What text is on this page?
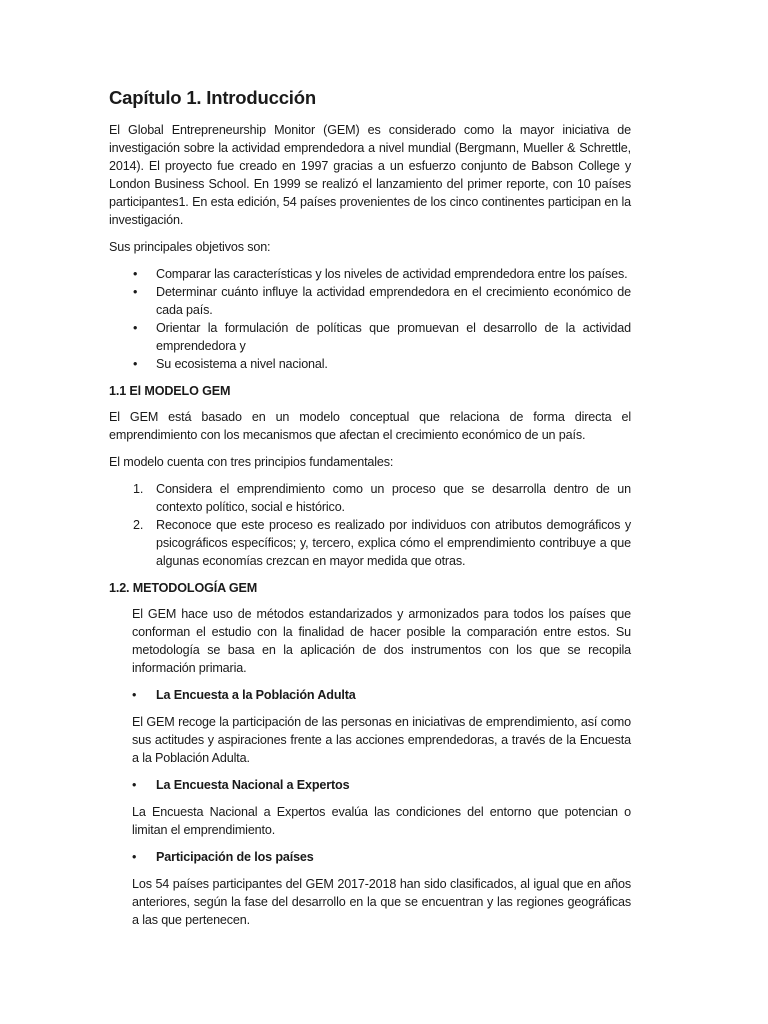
Capítulo 1. Introducción

El Global Entrepreneurship Monitor (GEM) es considerado como la mayor iniciativa de investigación sobre la actividad emprendedora a nivel mundial (Bergmann, Mueller & Schrettle, 2014). El proyecto fue creado en 1997 gracias a un esfuerzo conjunto de Babson College y London Business School. En 1999 se realizó el lanzamiento del primer reporte, con 10 países participantes1. En esta edición, 54 países provenientes de los cinco continentes participan en la investigación.

Sus principales objetivos son:

• Comparar las características y los niveles de actividad emprendedora entre los países.
• Determinar cuánto influye la actividad emprendedora en el crecimiento económico de cada país.
• Orientar la formulación de políticas que promuevan el desarrollo de la actividad emprendedora y
• Su ecosistema a nivel nacional.
1.1 El MODELO GEM

El GEM está basado en un modelo conceptual que relaciona de forma directa el emprendimiento con los mecanismos que afectan el crecimiento económico de un país.

El modelo cuenta con tres principios fundamentales:

1. Considera el emprendimiento como un proceso que se desarrolla dentro de un contexto político, social e histórico.
2. Reconoce que este proceso es realizado por individuos con atributos demográficos y psicográficos específicos; y, tercero, explica cómo el emprendimiento contribuye a que algunas economías crezcan en mayor medida que otras.
1.2. METODOLOGÍA GEM

El GEM hace uso de métodos estandarizados y armonizados para todos los países que conforman el estudio con la finalidad de hacer posible la comparación entre estos. Su metodología se basa en la aplicación de dos instrumentos con los que se recopila información primaria.

• La Encuesta a la Población Adulta

El GEM recoge la participación de las personas en iniciativas de emprendimiento, así como sus actitudes y aspiraciones frente a las acciones emprendedoras, a través de la Encuesta a la Población Adulta.

• La Encuesta Nacional a Expertos

La Encuesta Nacional a Expertos evalúa las condiciones del entorno que potencian o limitan el emprendimiento.

• Participación de los países

Los 54 países participantes del GEM 2017-2018 han sido clasificados, al igual que en años anteriores, según la fase del desarrollo en la que se encuentran y las regiones geográficas a las que pertenecen.
